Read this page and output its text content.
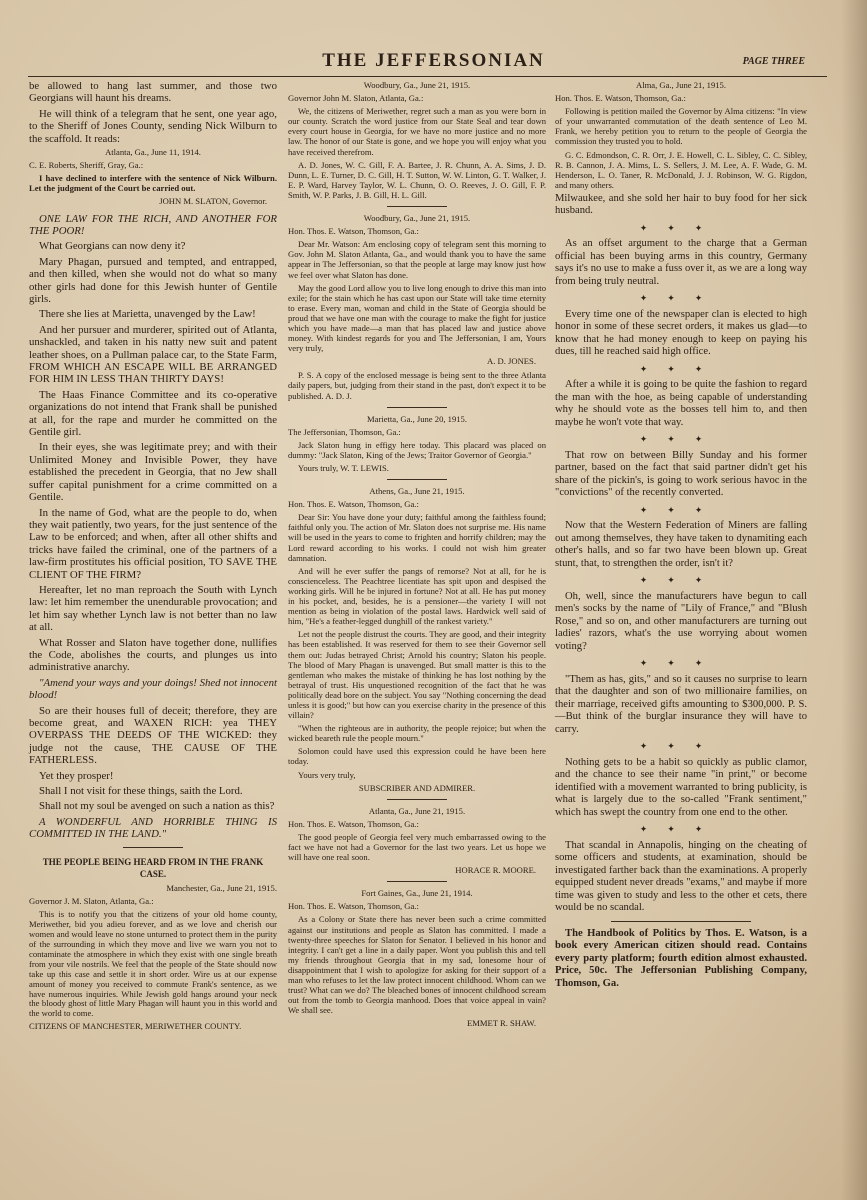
THE JEFFERSONIAN	PAGE THREE

be allowed to hang last summer, and those two Georgians will haunt his dreams.

He will think of a telegram that he sent, one year ago, to the Sheriff of Jones County, sending Nick Wilburn to the scaffold. It reads:

Atlanta, Ga., June 11, 1914.

C. E. Roberts, Sheriff, Gray, Ga.:

I have declined to interfere with the sentence of Nick Wilburn. Let the judgment of the Court be carried out.

JOHN M. SLATON, Governor.

ONE LAW FOR THE RICH, AND ANOTHER FOR THE POOR!

What Georgians can now deny it?

Mary Phagan, pursued and tempted, and entrapped, and then killed, when she would not do what so many other girls had done for this Jewish hunter of Gentile girls.

There she lies at Marietta, unavenged by the Law!

And her pursuer and murderer, spirited out of Atlanta, unshackled, and taken in his natty new suit and patent leather shoes, on a Pullman palace car, to the State Farm, FROM WHICH AN ESCAPE WILL BE ARRANGED FOR HIM IN LESS THAN THIRTY DAYS!

The Haas Finance Committee and its co-operative organizations do not intend that Frank shall be punished at all, for the rape and murder he committed on the Gentile girl.

In their eyes, she was legitimate prey; and with their Unlimited Money and Invisible Power, they have established the precedent in Georgia, that no Jew shall suffer capital punishment for a crime committed on a Gentile.

In the name of God, what are the people to do, when they wait patiently, two years, for the just sentence of the Law to be enforced; and when, after all other shifts and tricks have failed the criminal, one of the partners of a law-firm prostitutes his official position, TO SAVE THE CLIENT OF THE FIRM?

Hereafter, let no man reproach the South with Lynch law: let him remember the unendurable provocation; and let him say whether Lynch law is not better than no law at all.

What Rosser and Slaton have together done, nullifies the Code, abolishes the courts, and plunges us into administrative anarchy.

"Amend your ways and your doings! Shed not innocent blood!

So are their houses full of deceit; therefore, they are become great, and WAXEN RICH: yea THEY OVERPASS THE DEEDS OF THE WICKED: they judge not the cause, THE CAUSE OF THE FATHERLESS.

Yet they prosper!

Shall I not visit for these things, saith the Lord.

Shall not my soul be avenged on such a nation as this?

A WONDERFUL AND HORRIBLE THING IS COMMITTED IN THE LAND."

THE PEOPLE BEING HEARD FROM IN THE FRANK CASE.

Manchester, Ga., June 21, 1915.

Governor J. M. Slaton, Atlanta, Ga.:

This is to notify you that the citizens of your old home county, Meriwether, bid you adieu forever, and as we love and cherish our women and would leave no stone unturned to protect them in the purity of the surrounding in which they move and live we warn you not to contaminate the atmosphere in which they exist with one single breath from your vile nostrils. We feel that the people of the State should now take up this case and settle it in short order. Wire us at our expense amount of money you received to commute Frank's sentence, as we have numerous inquiries. While Jewish gold hangs around your neck the bloody ghost of little Mary Phagan will haunt you in this world and the world to come.

CITIZENS OF MANCHESTER, MERIWETHER COUNTY.

Woodbury, Ga., June 21, 1915.

Governor John M. Slaton, Atlanta, Ga.:

We, the citizens of Meriwether, regret such a man as you were born in our county. Scratch the word justice from our State Seal and tear down every court house in Georgia, for we have no more justice and no more law. The honor of our State is gone, and we hope you will enjoy what you have received therefrom.

A. D. Jones, W. C. Gill, F. A. Bartee, J. R. Chunn, A. A. Sims, J. D. Dunn, L. E. Turner, D. C. Gill, H. T. Sutton, W. W. Linton, G. T. Walker, J. E. P. Ward, Harvey Taylor, W. L. Chunn, O. O. Reeves, J. O. Gill, F. P. Smith, W. P. Parks, J. B. Gill, H. L. Gill.

Woodbury, Ga., June 21, 1915.

Hon. Thos. E. Watson, Thomson, Ga.:

Dear Mr. Watson: Am enclosing copy of telegram sent this morning to Gov. John M. Slaton Atlanta, Ga., and would thank you to have the same appear in The Jeffersonian, so that the people at large may know just how we feel over what Slaton has done.

May the good Lord allow you to live long enough to drive this man into exile; for the stain which he has cast upon our State will take time eternity to erase. Every man, woman and child in the State of Georgia should be proud that we have one man with the courage to make the fight for justice which you have made—a man that has placed law and justice above money. With kindest regards for you and The Jeffersonian, I am, Yours very truly,

A. D. JONES.

P. S. A copy of the enclosed message is being sent to the three Atlanta daily papers, but, judging from their stand in the past, don't expect it to be published. A. D. J.

Marietta, Ga., June 20, 1915.

The Jeffersonian, Thomson, Ga.:

Jack Slaton hung in effigy here today. This placard was placed on dummy: "Jack Slaton, King of the Jews; Traitor Governor of Georgia."

Yours truly, W. T. LEWIS.

Athens, Ga., June 21, 1915.

Hon. Thos. E. Watson, Thomson, Ga.:

Dear Sir: You have done your duty; faithful among the faithless found; faithful only you. The action of Mr. Slaton does not surprise me. His name will be used in the years to come to frighten and horrify children; may the Lord reward according to his works. I could not wish him greater damnation.

And will he ever suffer the pangs of remorse? Not at all, for he is conscienceless. The Peachtree licentiate has spit upon and despised the working girls. Will he be injured in fortune? Not at all. He has put money in his pocket, and, besides, he is a pensioner—the variety I will not mention as being in violation of the postal laws. Hardwick well said of him, "He's a feather-legged dunghill of the rankest variety."

Let not the people distrust the courts. They are good, and their integrity has been established. It was reserved for them to see their Governor sell them out: Judas betrayed Christ; Arnold his country; Slaton his people. The blood of Mary Phagan is unavenged. But small matter is this to the gentleman who makes the mistake of thinking he has lost nothing by the betrayal of trust. His unquestioned recognition of the fact that he was politically dead bore on the subject. You say "Nothing concerning the dead unless it is good;" but how can you exercise charity in the presence of this villain?

"When the righteous are in authority, the people rejoice; but when the wicked beareth rule the people mourn."

Solomon could have used this expression could he have been here today.

Yours very truly,

SUBSCRIBER AND ADMIRER.

Atlanta, Ga., June 21, 1915.

Hon. Thos. E. Watson, Thomson, Ga.:

The good people of Georgia feel very much embarrassed owing to the fact we have not had a Governor for the last two years. Let us hope we will have one real soon.

HORACE R. MOORE.

Fort Gaines, Ga., June 21, 1914.

Hon. Thos. E. Watson, Thomson, Ga.:

As a Colony or State there has never been such a crime committed against our institutions and people as Slaton has committed. I made a twenty-three speeches for Slaton for Senator. I believed in his honor and integrity. I can't get a line in a daily paper. Wont you publish this and tell my friends throughout Georgia that in my sad, lonesome hour of disappointment that I wish to apologize for asking for their support of a man who refuses to let the law protect innocent childhood. Whom can we trust? What can we do? The bleached bones of innocent childhood scream out from the tomb to Georgia manhood. Does that voice appeal in vain? We shall see.

EMMET R. SHAW.

Alma, Ga., June 21, 1915.

Hon. Thos. E. Watson, Thomson, Ga.:

Following is petition mailed the Governor by Alma citizens: "In view of your unwarranted commutation of the death sentence of Leo M. Frank, we hereby petition you to return to the people of Georgia the commission they trusted you to hold.

G. C. Edmondson, C. R. Orr, J. E. Howell, C. L. Sibley, C. C. Sibley, R. B. Cannon, J. A. Mims, L. S. Sellers, J. M. Lee, A. F. Wade, G. M. Henderson, L. O. Taner, R. McDonald, J. J. Robinson, W. G. Rigdon, and many others.

Milwaukee, and she sold her hair to buy food for her sick husband.

✦✦✦

As an offset argument to the charge that a German official has been buying arms in this country, Germany says it's no use to make a fuss over it, as we are a long way from being truly neutral.

✦✦✦

Every time one of the newspaper clan is elected to high honor in some of these secret orders, it makes us glad—to know that he had money enough to keep on paying his dues, till he reached said high office.

✦✦✦

After a while it is going to be quite the fashion to regard the man with the hoe, as being capable of understanding why he should vote as the bosses tell him to, and then maybe he won't vote that way.

✦✦✦

That row on between Billy Sunday and his former partner, based on the fact that said partner didn't get his share of the pickin's, is going to work serious havoc in the "convictions" of the recently converted.

✦✦✦

Now that the Western Federation of Miners are falling out among themselves, they have taken to dynamiting each other's halls, and so far two have been blown up. Great stunt, that, to strengthen the order, isn't it?

✦✦✦

Oh, well, since the manufacturers have begun to call men's socks by the name of "Lily of France," and "Blush Rose," and so on, and other manufacturers are turning out ladies' razors, what's the use worrying about women voting?

✦✦✦

"Them as has, gits," and so it causes no surprise to learn that the daughter and son of two millionaire families, on their marriage, received gifts amounting to $300,000. P. S.—But think of the burglar insurance they will have to carry.

✦✦✦

Nothing gets to be a habit so quickly as public clamor, and the chance to see their name "in print," or become identified with a movement warranted to bring publicity, is what is largely due to the so-called "Frank sentiment," which has swept the country from one end to the other.

✦✦✦

That scandal in Annapolis, hinging on the cheating of some officers and students, at examination, should be investigated farther back than the examinations. A properly equipped student never dreads "exams," and maybe if more time was given to study and less to the other et cets, there would be no scandal.

The Handbook of Politics by Thos. E. Watson, is a book every American citizen should read. Contains every party platform; fourth edition almost exhausted. Price, 50c. The Jeffersonian Publishing Company, Thomson, Ga.
